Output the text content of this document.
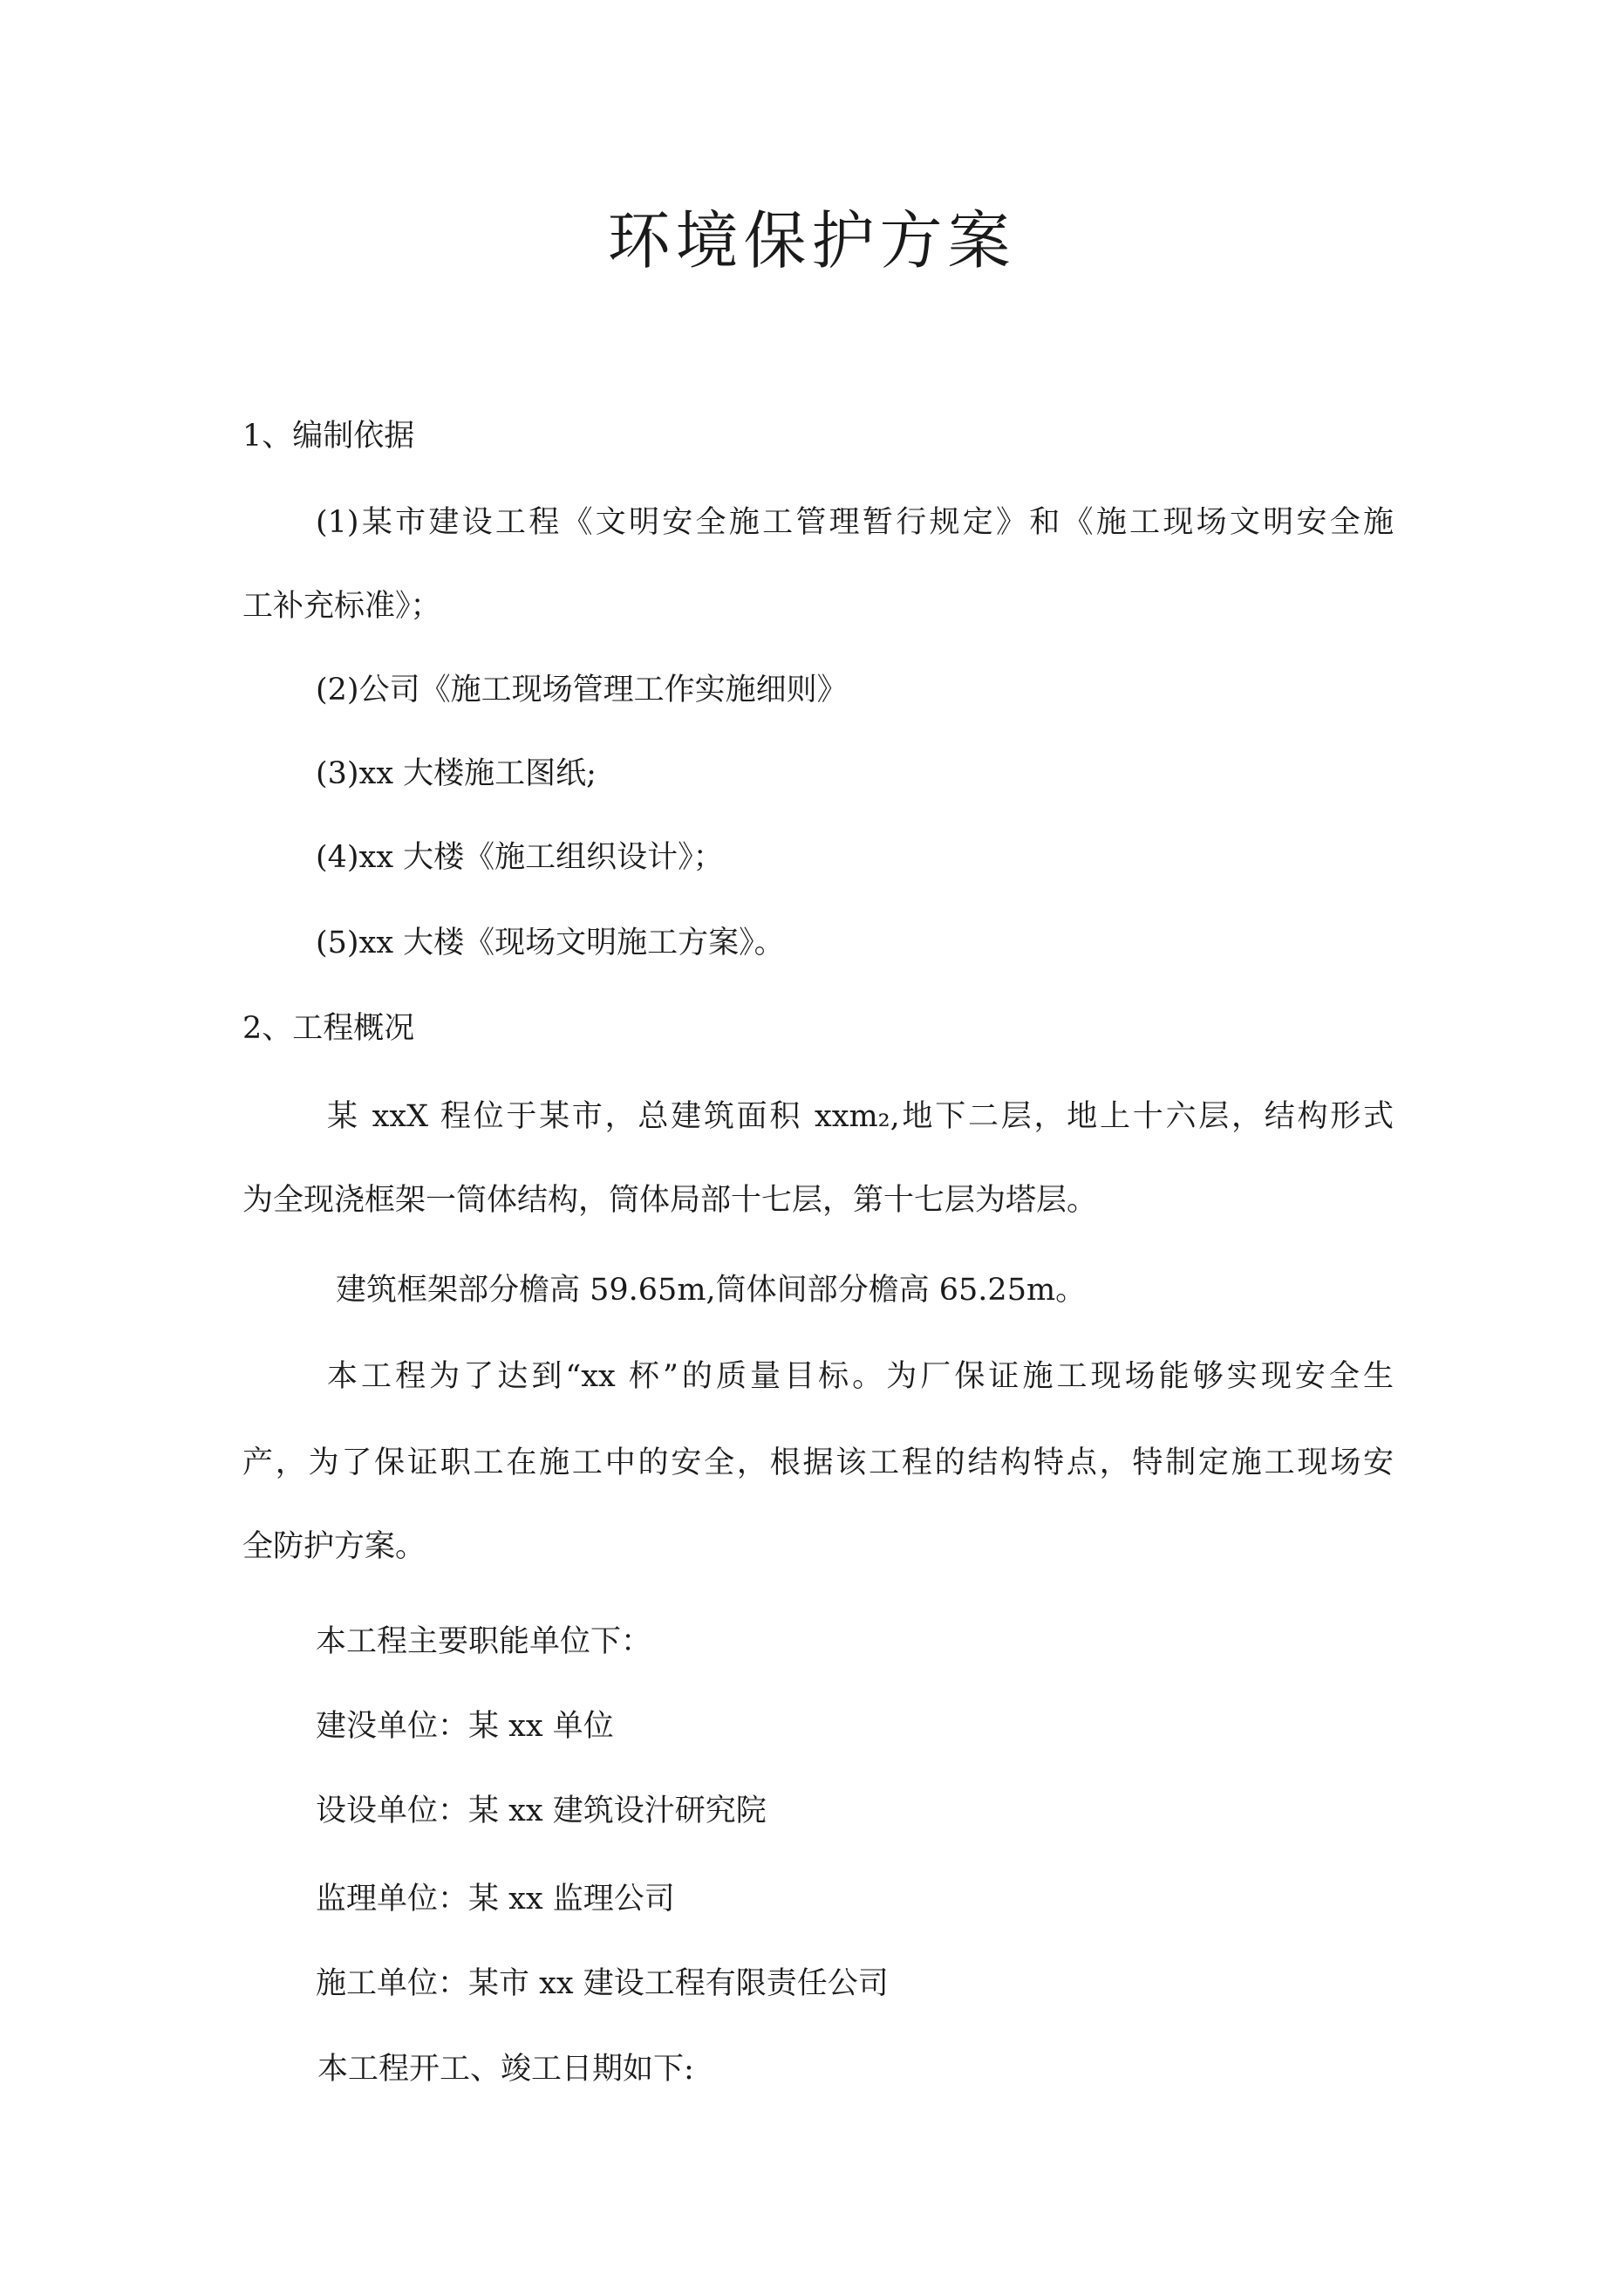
环境保护方案

1、编制依据

(1)某市建设工程《文明安全施工管理暂行规定》和《施工现场文明安全施

工补充标准》；

(2)公司《施工现场管理工作实施细则》

(3)xx 大楼施工图纸;

(4)xx 大楼《施工组织设计》；

(5)xx 大楼《现场文明施工方案》。

2、工程概况

某 xxX 程位于某市，总建筑面积 xxm₂,地下二层，地上十六层，结构形式

为全现浇框架一筒体结构，筒体局部十七层，第十七层为塔层。

建筑框架部分檐高 59.65m,筒体间部分檐高 65.25m。

本工程为了达到“xx 杯”的质量目标。为厂保证施工现场能够实现安全生

产，为了保证职工在施工中的安全，根据该工程的结构特点，特制定施工现场安

全防护方案。

本工程主要职能单位下：

建没单位：某 xx 单位

设设单位：某 xx 建筑设汁研究院

监理单位：某 xx 监理公司

施工单位：某市 xx 建设工程有限责任公司

本工程开工、竣工日期如下:
